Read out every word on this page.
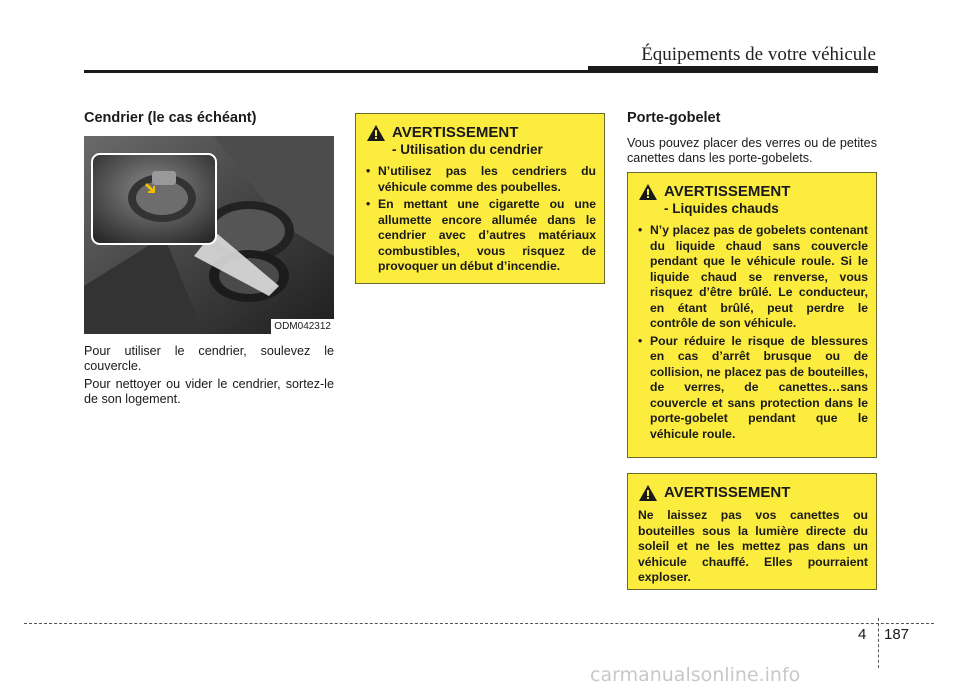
Équipements de votre véhicule
Cendrier (le cas échéant)
ODM042312

Pour utiliser le cendrier, soulevez le couvercle.

Pour nettoyer ou vider le cendrier, sortez-le de son logement.

AVERTISSEMENT
- Utilisation du cendrier
• N’utilisez pas les cendriers du véhicule comme des poubelles.
• En mettant une cigarette ou une allumette encore allumée dans le cendrier avec d’autres matériaux combustibles, vous risquez de provoquer un début d’incendie.
Porte-gobelet

Vous pouvez placer des verres ou de petites canettes dans les porte-gobelets.

AVERTISSEMENT
- Liquides chauds
• N’y placez pas de gobelets contenant du liquide chaud sans couvercle pendant que le véhicule roule. Si le liquide chaud se renverse, vous risquez d’être brûlé. Le conducteur, en étant brûlé, peut perdre le contrôle de son véhicule.
• Pour réduire le risque de blessures en cas d’arrêt brusque ou de collision, ne placez pas de bouteilles, de verres, de canettes…sans couvercle et sans protection dans le porte-gobelet pendant que le véhicule roule.
AVERTISSEMENT

Ne laissez pas vos canettes ou bouteilles sous la lumière directe du soleil et ne les mettez pas dans un véhicule chauffé. Elles pourraient exploser.

4 187
carmanualsonline.info
